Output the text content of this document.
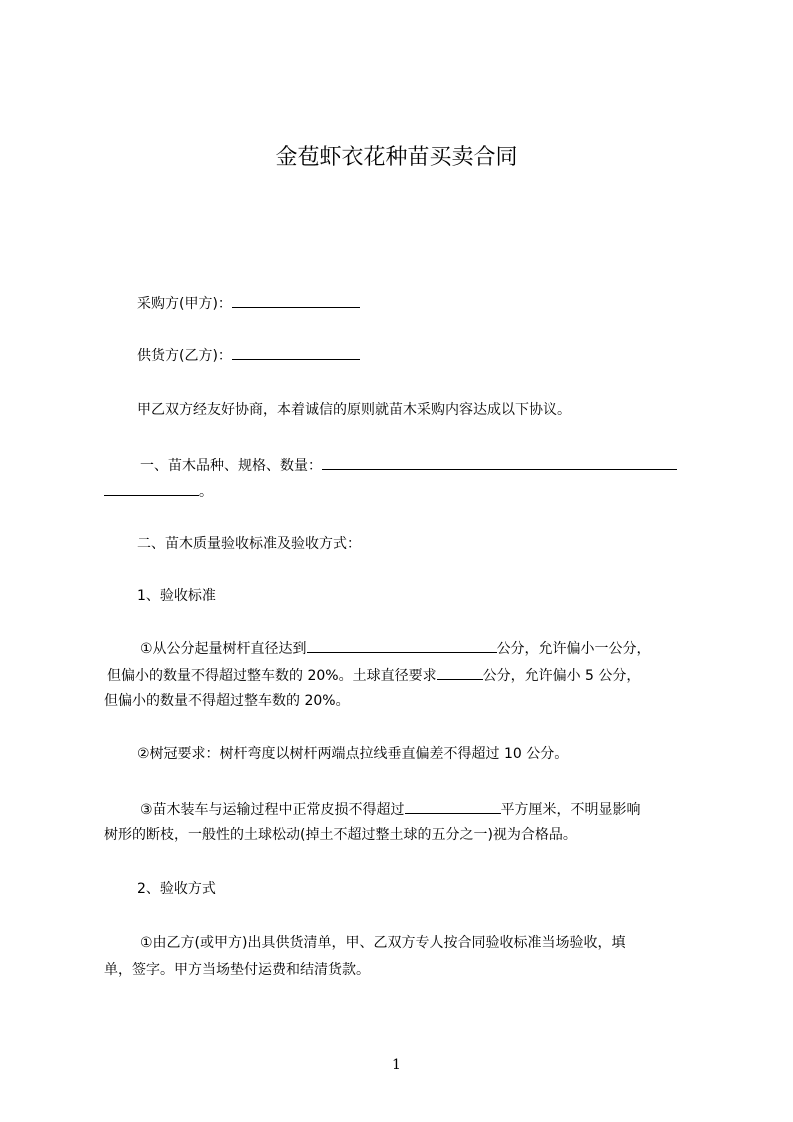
金苞虾衣花种苗买卖合同
采购方(甲方)：
供货方(乙方)：
甲乙双方经友好协商，本着诚信的原则就苗木采购内容达成以下协议。
一、苗木品种、规格、数量：
。
二、苗木质量验收标准及验收方式：
1、验收标准
①从公分起量树杆直径达到	公分，允许偏小一公分，
但偏小的数量不得超过整车数的 20%。土球直径要求	公分，允许偏小 5 公分，
但偏小的数量不得超过整车数的 20%。
②树冠要求：树杆弯度以树杆两端点拉线垂直偏差不得超过 10 公分。
③苗木装车与运输过程中正常皮损不得超过	平方厘米，不明显影响
树形的断枝，一般性的土球松动(掉土不超过整土球的五分之一)视为合格品。
2、验收方式
①由乙方(或甲方)出具供货清单，甲、乙双方专人按合同验收标准当场验收，填
单，签字。甲方当场垫付运费和结清货款。
1
